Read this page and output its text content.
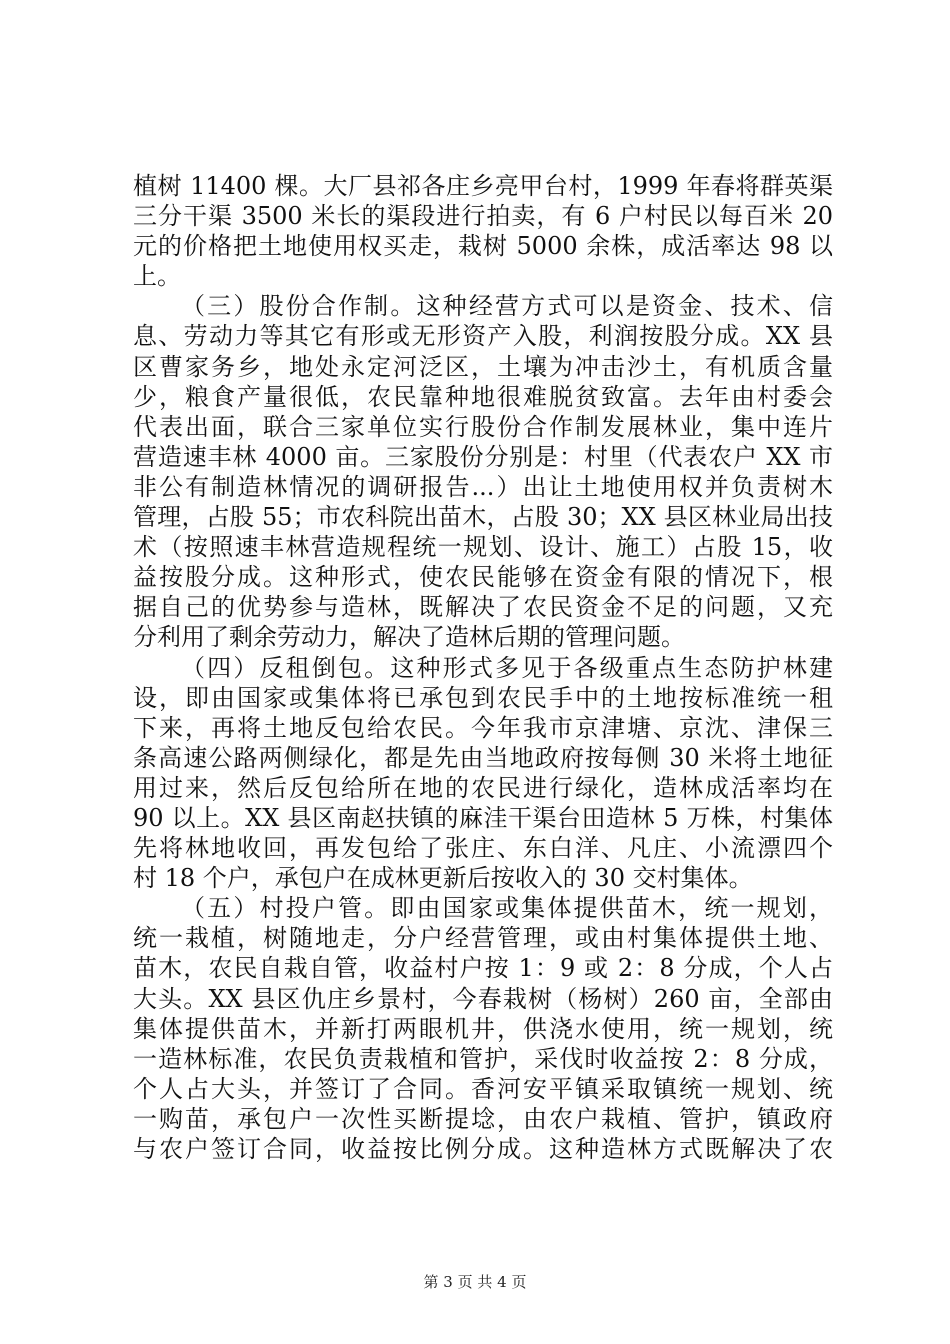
植树 11400 棵。大厂县祁各庄乡亮甲台村，1999 年春将群英渠
三分干渠 3500 米长的渠段进行拍卖，有 6 户村民以每百米 20
元的价格把土地使用权买走，栽树 5000 余株，成活率达 98 以
上。
（三）股份合作制。这种经营方式可以是资金、技术、信
息、劳动力等其它有形或无形资产入股，利润按股分成。XX 县
区曹家务乡，地处永定河泛区，土壤为冲击沙土，有机质含量
少，粮食产量很低，农民靠种地很难脱贫致富。去年由村委会
代表出面，联合三家单位实行股份合作制发展林业，集中连片
营造速丰林 4000 亩。三家股份分别是：村里（代表农户 XX 市
非公有制造林情况的调研报告...）出让土地使用权并负责树木
管理，占股 55；市农科院出苗木，占股 30；XX 县区林业局出技
术（按照速丰林营造规程统一规划、设计、施工）占股 15，收
益按股分成。这种形式，使农民能够在资金有限的情况下，根
据自己的优势参与造林，既解决了农民资金不足的问题，又充
分利用了剩余劳动力，解决了造林后期的管理问题。
（四）反租倒包。这种形式多见于各级重点生态防护林建
设，即由国家或集体将已承包到农民手中的土地按标准统一租
下来，再将土地反包给农民。今年我市京津塘、京沈、津保三
条高速公路两侧绿化，都是先由当地政府按每侧 30 米将土地征
用过来，然后反包给所在地的农民进行绿化，造林成活率均在
90 以上。XX 县区南赵扶镇的麻洼干渠台田造林 5 万株，村集体
先将林地收回，再发包给了张庄、东白洋、凡庄、小流漂四个
村 18 个户，承包户在成林更新后按收入的 30 交村集体。
（五）村投户管。即由国家或集体提供苗木，统一规划，
统一栽植，树随地走，分户经营管理，或由村集体提供土地、
苗木，农民自栽自管，收益村户按 1：9 或 2：8 分成，个人占
大头。XX 县区仇庄乡景村，今春栽树（杨树）260 亩，全部由
集体提供苗木，并新打两眼机井，供浇水使用，统一规划，统
一造林标准，农民负责栽植和管护，采伐时收益按 2：8 分成，
个人占大头，并签订了合同。香河安平镇采取镇统一规划、统
一购苗，承包户一次性买断提埝，由农户栽植、管护，镇政府
与农户签订合同，收益按比例分成。这种造林方式既解决了农
第 3 页 共 4 页
